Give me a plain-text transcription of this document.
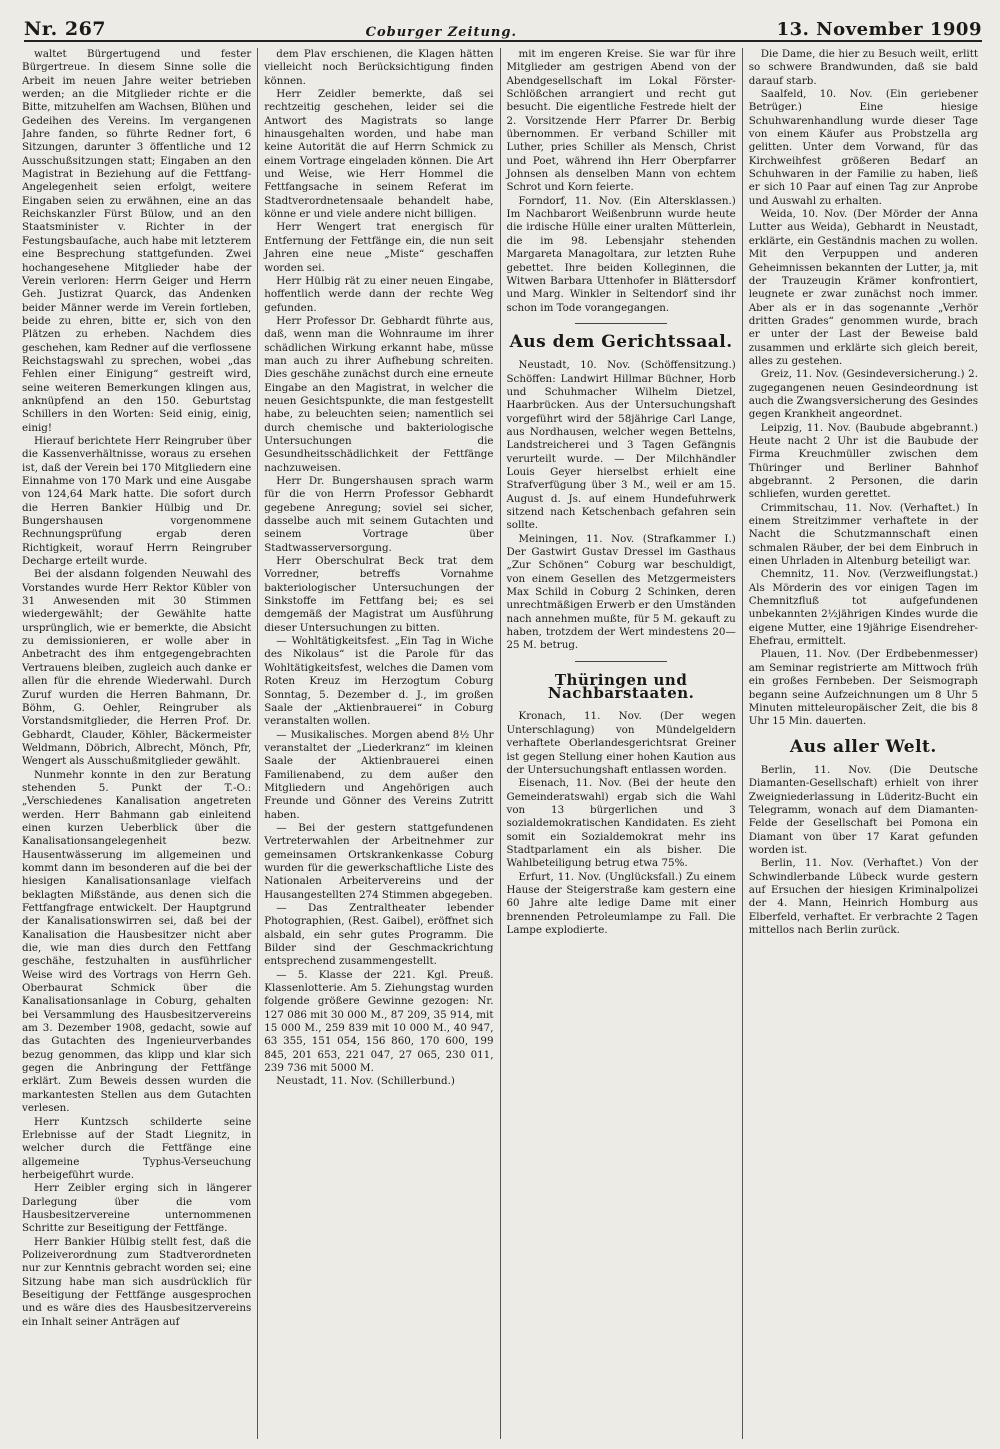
Nr. 267	Coburger Zeitung.	13. November 1909

waltet Bürgertugend und fester Bürgertreue. In diesem Sinne solle die Arbeit im neuen Jahre weiter betrieben werden; an die Mitglieder richte er die Bitte, mitzuhelfen am Wachsen, Blühen und Gedeihen des Vereins. Im vergangenen Jahre fanden, so führte Redner fort, 6 Sitzungen, darunter 3 öffentliche und 12 Ausschußsitzungen statt; Eingaben an den Magistrat in Beziehung auf die Fettfang-Angelegenheit seien erfolgt, weitere Eingaben seien zu erwähnen, eine an das Reichskanzler Fürst Bülow, und an den Staatsminister v. Richter in der Festungsbauſache, auch habe mit letzterem eine Besprechung stattgefunden. Zwei hochangesehene Mitglieder habe der Verein verloren: Herrn Geiger und Herrn Geh. Justizrat Quarck, das Andenken beider Männer werde im Verein fortleben, beide zu ehren, bitte er, sich von den Plätzen zu erheben. Nachdem dies geschehen, kam Redner auf die verflossene Reichstagswahl zu sprechen, wobei „das Fehlen einer Einigung“ gestreift wird, seine weiteren Bemerkungen klingen aus, anknüpfend an den 150. Geburtstag Schillers in den Worten: Seid einig, einig, einig!

Hierauf berichtete Herr Reingruber über die Kassenverhältnisse, woraus zu ersehen ist, daß der Verein bei 170 Mitgliedern eine Einnahme von 170 Mark und eine Ausgabe von 124,64 Mark hatte. Die sofort durch die Herren Bankier Hülbig und Dr. Bungershausen vorgenommene Rechnungsprüfung ergab deren Richtigkeit, worauf Herrn Reingruber Decharge erteilt wurde.

Bei der alsdann folgenden Neuwahl des Vorstandes wurde Herr Rektor Kübler von 31 Anwesenden mit 30 Stimmen wiedergewählt; der Gewählte hatte ursprünglich, wie er bemerkte, die Absicht zu demissionieren, er wolle aber in Anbetracht des ihm entgegengebrachten Vertrauens bleiben, zugleich auch danke er allen für die ehrende Wiederwahl. Durch Zuruf wurden die Herren Bahmann, Dr. Böhm, G. Oehler, Reingruber als Vorstandsmitglieder, die Herren Prof. Dr. Gebhardt, Clauder, Köhler, Bäckermeister Weldmann, Döbrich, Albrecht, Mönch, Pfr, Wengert als Ausschußmitglieder gewählt.

Nunmehr konnte in den zur Beratung stehenden 5. Punkt der T.-O.: „Verschiedenes Kanalisation angetreten werden. Herr Bahmann gab einleitend einen kurzen Ueberblick über die Kanalisationsangelegenheit bezw. Hausentwässerung im allgemeinen und kommt dann im besonderen auf die bei der hiesigen Kanalisationsanlage vielfach beklagten Mißstände, aus denen sich die Fettfangfrage entwickelt. Der Hauptgrund der Kanalisationswirren sei, daß bei der Kanalisation die Hausbesitzer nicht aber die, wie man dies durch den Fettfang geschähe, festzuhalten in ausführlicher Weise wird des Vortrags von Herrn Geh. Oberbaurat Schmick über die Kanalisationsanlage in Coburg, gehalten bei Versammlung des Hausbesitzervereins am 3. Dezember 1908, gedacht, sowie auf das Gutachten des Ingenieurverbandes bezug genommen, das klipp und klar sich gegen die Anbringung der Fettfänge erklärt. Zum Beweis dessen wurden die markantesten Stellen aus dem Gutachten verlesen.

Herr Kuntzsch schilderte seine Erlebnisse auf der Stadt Liegnitz, in welcher durch die Fettfänge eine allgemeine Typhus-Verseuchung herbeigeführt wurde.

Herr Zeibler erging sich in längerer Darlegung über die vom Hausbesitzervereine unternommenen Schritte zur Beseitigung der Fettfänge.

Herr Bankier Hülbig stellt fest, daß die Polizeiverordnung zum Stadtverordneten nur zur Kenntnis gebracht worden sei; eine Sitzung habe man sich ausdrücklich für Beseitigung der Fettfänge ausgesprochen und es wäre dies des Hausbesitzervereins ein Inhalt seiner Anträgen auf

dem Plav erschienen, die Klagen hätten vielleicht noch Berücksichtigung finden können.

Herr Zeidler bemerkte, daß sei rechtzeitig geschehen, leider sei die Antwort des Magistrats so lange hinausgehalten worden, und habe man keine Autorität die auf Herrn Schmick zu einem Vortrage eingeladen können. Die Art und Weise, wie Herr Hommel die Fettfangsache in seinem Referat im Stadtverordnetensaale behandelt habe, könne er und viele andere nicht billigen.

Herr Wengert trat energisch für Entfernung der Fettfänge ein, die nun seit Jahren eine neue „Miste“ geschaffen worden sei.

Herr Hülbig rät zu einer neuen Eingabe, hoffentlich werde dann der rechte Weg gefunden.

Herr Professor Dr. Gebhardt führte aus, daß, wenn man die Wohnraume im ihrer schädlichen Wirkung erkannt habe, müsse man auch zu ihrer Aufhebung schreiten. Dies geschähe zunächst durch eine erneute Eingabe an den Magistrat, in welcher die neuen Gesichtspunkte, die man festgestellt habe, zu beleuchten seien; namentlich sei durch chemische und bakteriologische Untersuchungen die Gesundheitsschädlichkeit der Fettfänge nachzuweisen.

Herr Dr. Bungershausen sprach warm für die von Herrn Professor Gebhardt gegebene Anregung; soviel sei sicher, dasselbe auch mit seinem Gutachten und seinem Vortrage über Stadtwasserversorgung.

Herr Oberschulrat Beck trat dem Vorredner, betreffs Vornahme bakteriologischer Untersuchungen der Sinkstoffe im Fettfang bei; es sei demgemäß der Magistrat um Ausführung dieser Untersuchungen zu bitten.

— Wohltätigkeitsfest. „Ein Tag in Wiche des Nikolaus“ ist die Parole für das Wohltätigkeitsfest, welches die Damen vom Roten Kreuz im Herzogtum Coburg Sonntag, 5. Dezember d. J., im großen Saale der „Aktienbrauerei“ in Coburg veranstalten wollen.

— Musikalisches. Morgen abend 8½ Uhr veranstaltet der „Liederkranz“ im kleinen Saale der Aktienbrauerei einen Familienabend, zu dem außer den Mitgliedern und Angehörigen auch Freunde und Gönner des Vereins Zutritt haben.

— Bei der gestern stattgefundenen Vertreterwahlen der Arbeitnehmer zur gemeinsamen Ortskrankenkasse Coburg wurden für die gewerkschaftliche Liste des Nationalen Arbeitervereins und der Hausangestellten 274 Stimmen abgegeben.

— Das Zentraltheater lebender Photographien, (Rest. Gaibel), eröffnet sich alsbald, ein sehr gutes Programm. Die Bilder sind der Geschmackrichtung entsprechend zusammengestellt.

— 5. Klasse der 221. Kgl. Preuß. Klassenlotterie. Am 5. Ziehungstag wurden folgende größere Gewinne gezogen: Nr. 127 086 mit 30 000 M., 87 209, 35 914, mit 15 000 M., 259 839 mit 10 000 M., 40 947, 63 355, 151 054, 156 860, 170 600, 199 845, 201 653, 221 047, 27 065, 230 011, 239 736 mit 5000 M.

Neustadt, 11. Nov. (Schillerbund.)

mit im engeren Kreise. Sie war für ihre Mitglieder am gestrigen Abend von der Abendgesellschaft im Lokal Förster-Schlößchen arrangiert und recht gut besucht. Die eigentliche Festrede hielt der 2. Vorsitzende Herr Pfarrer Dr. Berbig übernommen. Er verband Schiller mit Luther, pries Schiller als Mensch, Christ und Poet, während ihn Herr Oberpfarrer Johnsen als denselben Mann von echtem Schrot und Korn feierte.

Forndorf, 11. Nov. (Ein Altersklassen.) Im Nachbarort Weißenbrunn wurde heute die irdische Hülle einer uralten Mütterlein, die im 98. Lebensjahr stehenden Margareta Managoltara, zur letzten Ruhe gebettet. Ihre beiden Kolleginnen, die Witwen Barbara Uttenhofer in Blättersdorf und Marg. Winkler in Seltendorf sind ihr schon im Tode vorangegangen.

Aus dem Gerichtssaal.

Neustadt, 10. Nov. (Schöffensitzung.) Schöffen: Landwirt Hillmar Büchner, Horb und Schuhmacher Wilhelm Dietzel, Haarbrücken. Aus der Untersuchungshaft vorgeführt wird der 58jährige Carl Lange, aus Nordhausen, welcher wegen Bettelns, Landstreicherei und 3 Tagen Gefängnis verurteilt wurde. — Der Milchhändler Louis Geyer hierselbst erhielt eine Strafverfügung über 3 M., weil er am 15. August d. Js. auf einem Hundefuhrwerk sitzend nach Ketschenbach gefahren sein sollte.

Meiningen, 11. Nov. (Strafkammer I.) Der Gastwirt Gustav Dressel im Gasthaus „Zur Schönen“ Coburg war beschuldigt, von einem Gesellen des Metzgermeisters Max Schild in Coburg 2 Schinken, deren unrechtmäßigen Erwerb er den Umständen nach annehmen mußte, für 5 M. gekauft zu haben, trotzdem der Wert mindestens 20—25 M. betrug.

Thüringen und Nachbarstaaten.

Kronach, 11. Nov. (Der wegen Unterschlagung) von Mündelgeldern verhaftete Oberlandesgerichtsrat Greiner ist gegen Stellung einer hohen Kaution aus der Untersuchungshaft entlassen worden.

Eisenach, 11. Nov. (Bei der heute den Gemeinderatswahl) ergab sich die Wahl von 13 bürgerlichen und 3 sozialdemokratischen Kandidaten. Es zieht somit ein Sozialdemokrat mehr ins Stadtparlament ein als bisher. Die Wahlbeteiligung betrug etwa 75%.

Erfurt, 11. Nov. (Unglücksfall.) Zu einem Hause der Steigerstraße kam gestern eine 60 Jahre alte ledige Dame mit einer brennenden Petroleumlampe zu Fall. Die Lampe explodierte.

Die Dame, die hier zu Besuch weilt, erlitt so schwere Brandwunden, daß sie bald darauf starb.

Saalfeld, 10. Nov. (Ein geriebener Betrüger.) Eine hiesige Schuhwarenhandlung wurde dieser Tage von einem Käufer aus Probstzella arg gelitten. Unter dem Vorwand, für das Kirchweihfest größeren Bedarf an Schuhwaren in der Familie zu haben, ließ er sich 10 Paar auf einen Tag zur Anprobe und Auswahl zu erhalten.

Weida, 10. Nov. (Der Mörder der Anna Lutter aus Weida), Gebhardt in Neustadt, erklärte, ein Geständnis machen zu wollen. Mit den Verpuppen und anderen Geheimnissen bekannten der Lutter, ja, mit der Trauzeugin Krämer konfrontiert, leugnete er zwar zunächst noch immer. Aber als er in das sogenannte „Verhör dritten Grades“ genommen wurde, brach er unter der Last der Beweise bald zusammen und erklärte sich gleich bereit, alles zu gestehen.

Greiz, 11. Nov. (Gesindeversicherung.) 2. zugegangenen neuen Gesindeordnung ist auch die Zwangsversicherung des Gesindes gegen Krankheit angeordnet.

Leipzig, 11. Nov. (Baubude abgebrannt.) Heute nacht 2 Uhr ist die Baubude der Firma Kreuchmüller zwischen dem Thüringer und Berliner Bahnhof abgebrannt. 2 Personen, die darin schliefen, wurden gerettet.

Crimmitschau, 11. Nov. (Verhaftet.) In einem Streitzimmer verhaftete in der Nacht die Schutzmannschaft einen schmalen Räuber, der bei dem Einbruch in einen Uhrladen in Altenburg beteiligt war.

Chemnitz, 11. Nov. (Verzweiflungstat.) Als Mörderin des vor einigen Tagen im Chemnitzfluß tot aufgefundenen unbekannten 2½jährigen Kindes wurde die eigene Mutter, eine 19jährige Eisendreher-Ehefrau, ermittelt.

Plauen, 11. Nov. (Der Erdbebenmesser) am Seminar registrierte am Mittwoch früh ein großes Fernbeben. Der Seismograph begann seine Aufzeichnungen um 8 Uhr 5 Minuten mitteleuropäischer Zeit, die bis 8 Uhr 15 Min. dauerten.

Aus aller Welt.

Berlin, 11. Nov. (Die Deutsche Diamanten-Gesellschaft) erhielt von ihrer Zweigniederlassung in Lüderitz-Bucht ein Telegramm, wonach auf dem Diamanten-Felde der Gesellschaft bei Pomona ein Diamant von über 17 Karat gefunden worden ist.

Berlin, 11. Nov. (Verhaftet.) Von der Schwindlerbande Lübeck wurde gestern auf Ersuchen der hiesigen Kriminalpolizei der 4. Mann, Heinrich Homburg aus Elberfeld, verhaftet. Er verbrachte 2 Tagen mittellos nach Berlin zurück.
